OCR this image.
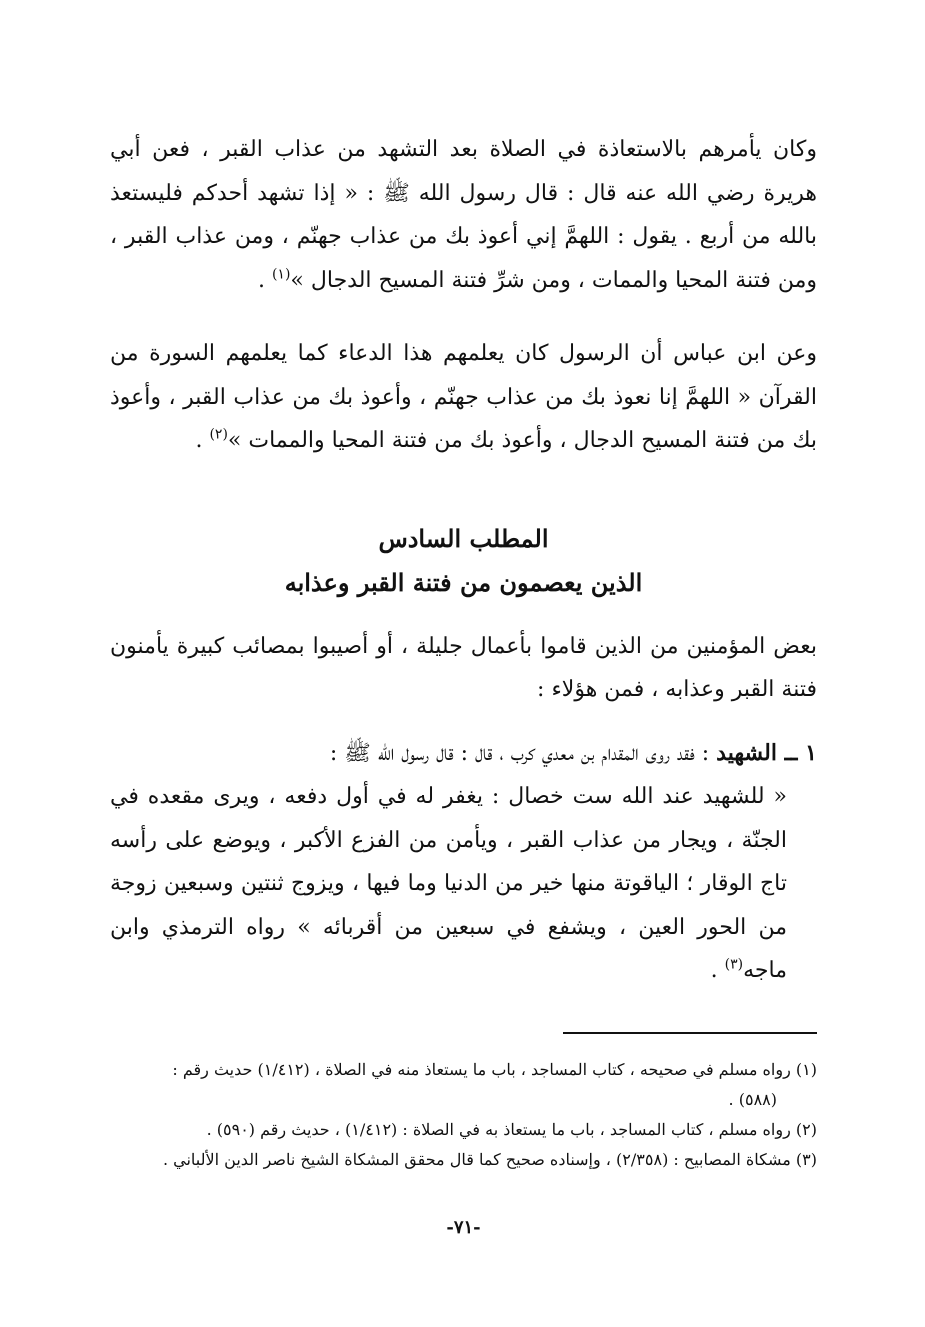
وكان يأمرهم بالاستعاذة في الصلاة بعد التشهد من عذاب القبر ، فعن أبي هريرة رضي الله عنه قال : قال رسول الله ﷺ : « إذا تشهد أحدكم فليستعذ بالله من أربع . يقول : اللهمَّ إني أعوذ بك من عذاب جهنّم ، ومن عذاب القبر ، ومن فتنة المحيا والممات ، ومن شرِّ فتنة المسيح الدجال »$^{(١)}$ .

وعن ابن عباس أن الرسول كان يعلمهم هذا الدعاء كما يعلمهم السورة من القرآن « اللهمَّ إنا نعوذ بك من عذاب جهنّم ، وأعوذ بك من عذاب القبر ، وأعوذ بك من فتنة المسيح الدجال ، وأعوذ بك من فتنة المحيا والممات »$^{(٢)}$ .

المطلب السادس
الذين يعصمون من فتنة القبر وعذابه

بعض المؤمنين من الذين قاموا بأعمال جليلة ، أو أصيبوا بمصائب كبيرة يأمنون فتنة القبر وعذابه ، فمن هؤلاء :

١ ــ الشهيد : فقد روى المقدام بن معدي كرب ، قال : قال رسول الله ﷺ :

« للشهيد عند الله ست خصال : يغفر له في أول دفعه ، ويرى مقعده في الجنّة ، ويجار من عذاب القبر ، ويأمن من الفزع الأكبر ، ويوضع على رأسه تاج الوقار ؛ الياقوتة منها خير من الدنيا وما فيها ، ويزوج ثنتين وسبعين زوجة من الحور العين ، ويشفع في سبعين من أقربائه » رواه الترمذي وابن ماجه$^{(٣)}$ .

(١) رواه مسلم في صحيحه ، كتاب المساجد ، باب ما يستعاذ منه في الصلاة ، (١/٤١٢) حديث رقم :

(٥٨٨) .

(٢) رواه مسلم ، كتاب المساجد ، باب ما يستعاذ به في الصلاة : (١/٤١٢) ، حديث رقم (٥٩٠) .

(٣) مشكاة المصابيح : (٢/٣٥٨) ، وإسناده صحيح كما قال محقق المشكاة الشيخ ناصر الدين الألباني .

-٧١-
